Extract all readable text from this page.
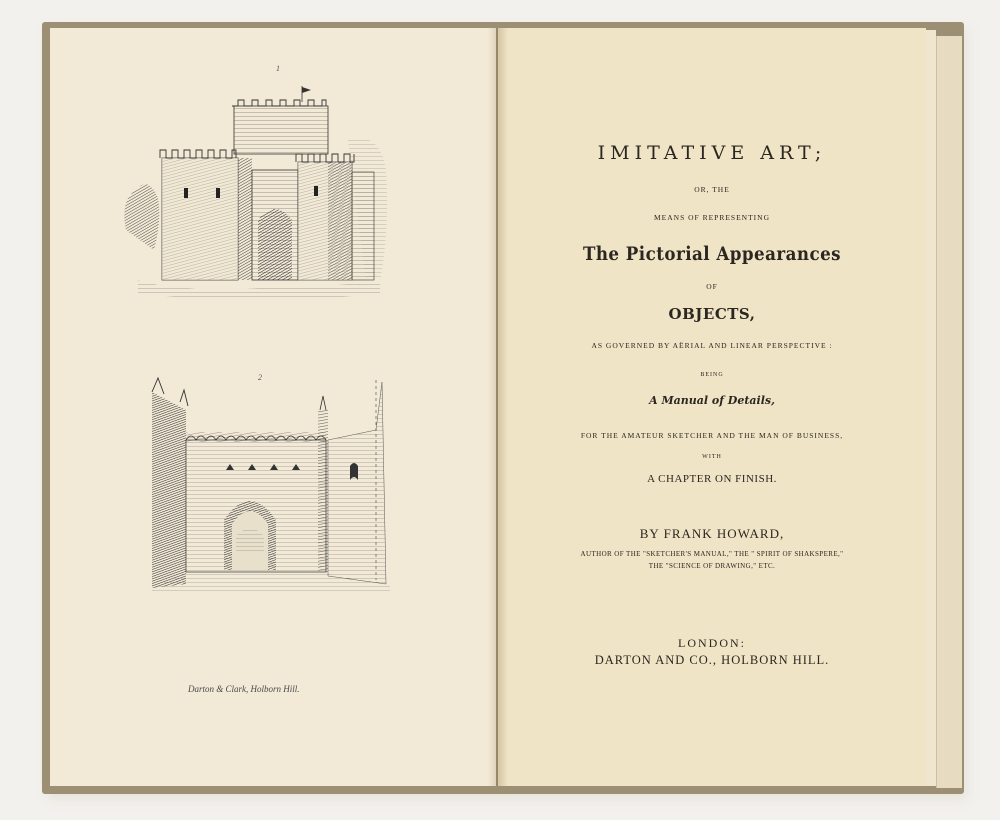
1
2
Darton & Clark, Holborn Hill.
IMITATIVE ART;
OR, THE
MEANS OF REPRESENTING
The Pictorial Appearances
OF
OBJECTS,
AS GOVERNED BY AËRIAL AND LINEAR PERSPECTIVE :
BEING
A Manual of Details,
FOR THE AMATEUR SKETCHER AND THE MAN OF BUSINESS,
WITH
A CHAPTER ON FINISH.
BY FRANK HOWARD,
AUTHOR OF THE "SKETCHER'S MANUAL," THE " SPIRIT OF SHAKSPERE,"
THE "SCIENCE OF DRAWING," ETC.
LONDON:
DARTON AND CO., HOLBORN HILL.
